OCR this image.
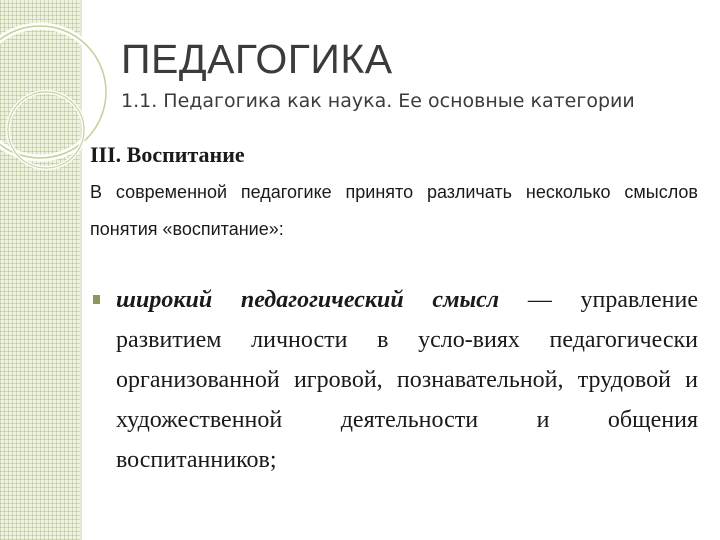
ПЕДАГОГИКА
1.1. Педагогика как наука. Ее основные категории
III. Воспитание

В современной педагогике принято различать несколько смыслов понятия «воспитание»:

широкий педагогический смысл — управление развитием личности в усло-виях педагогически организованной игровой, познавательной, трудовой и художественной деятельности и общения воспитанников;
